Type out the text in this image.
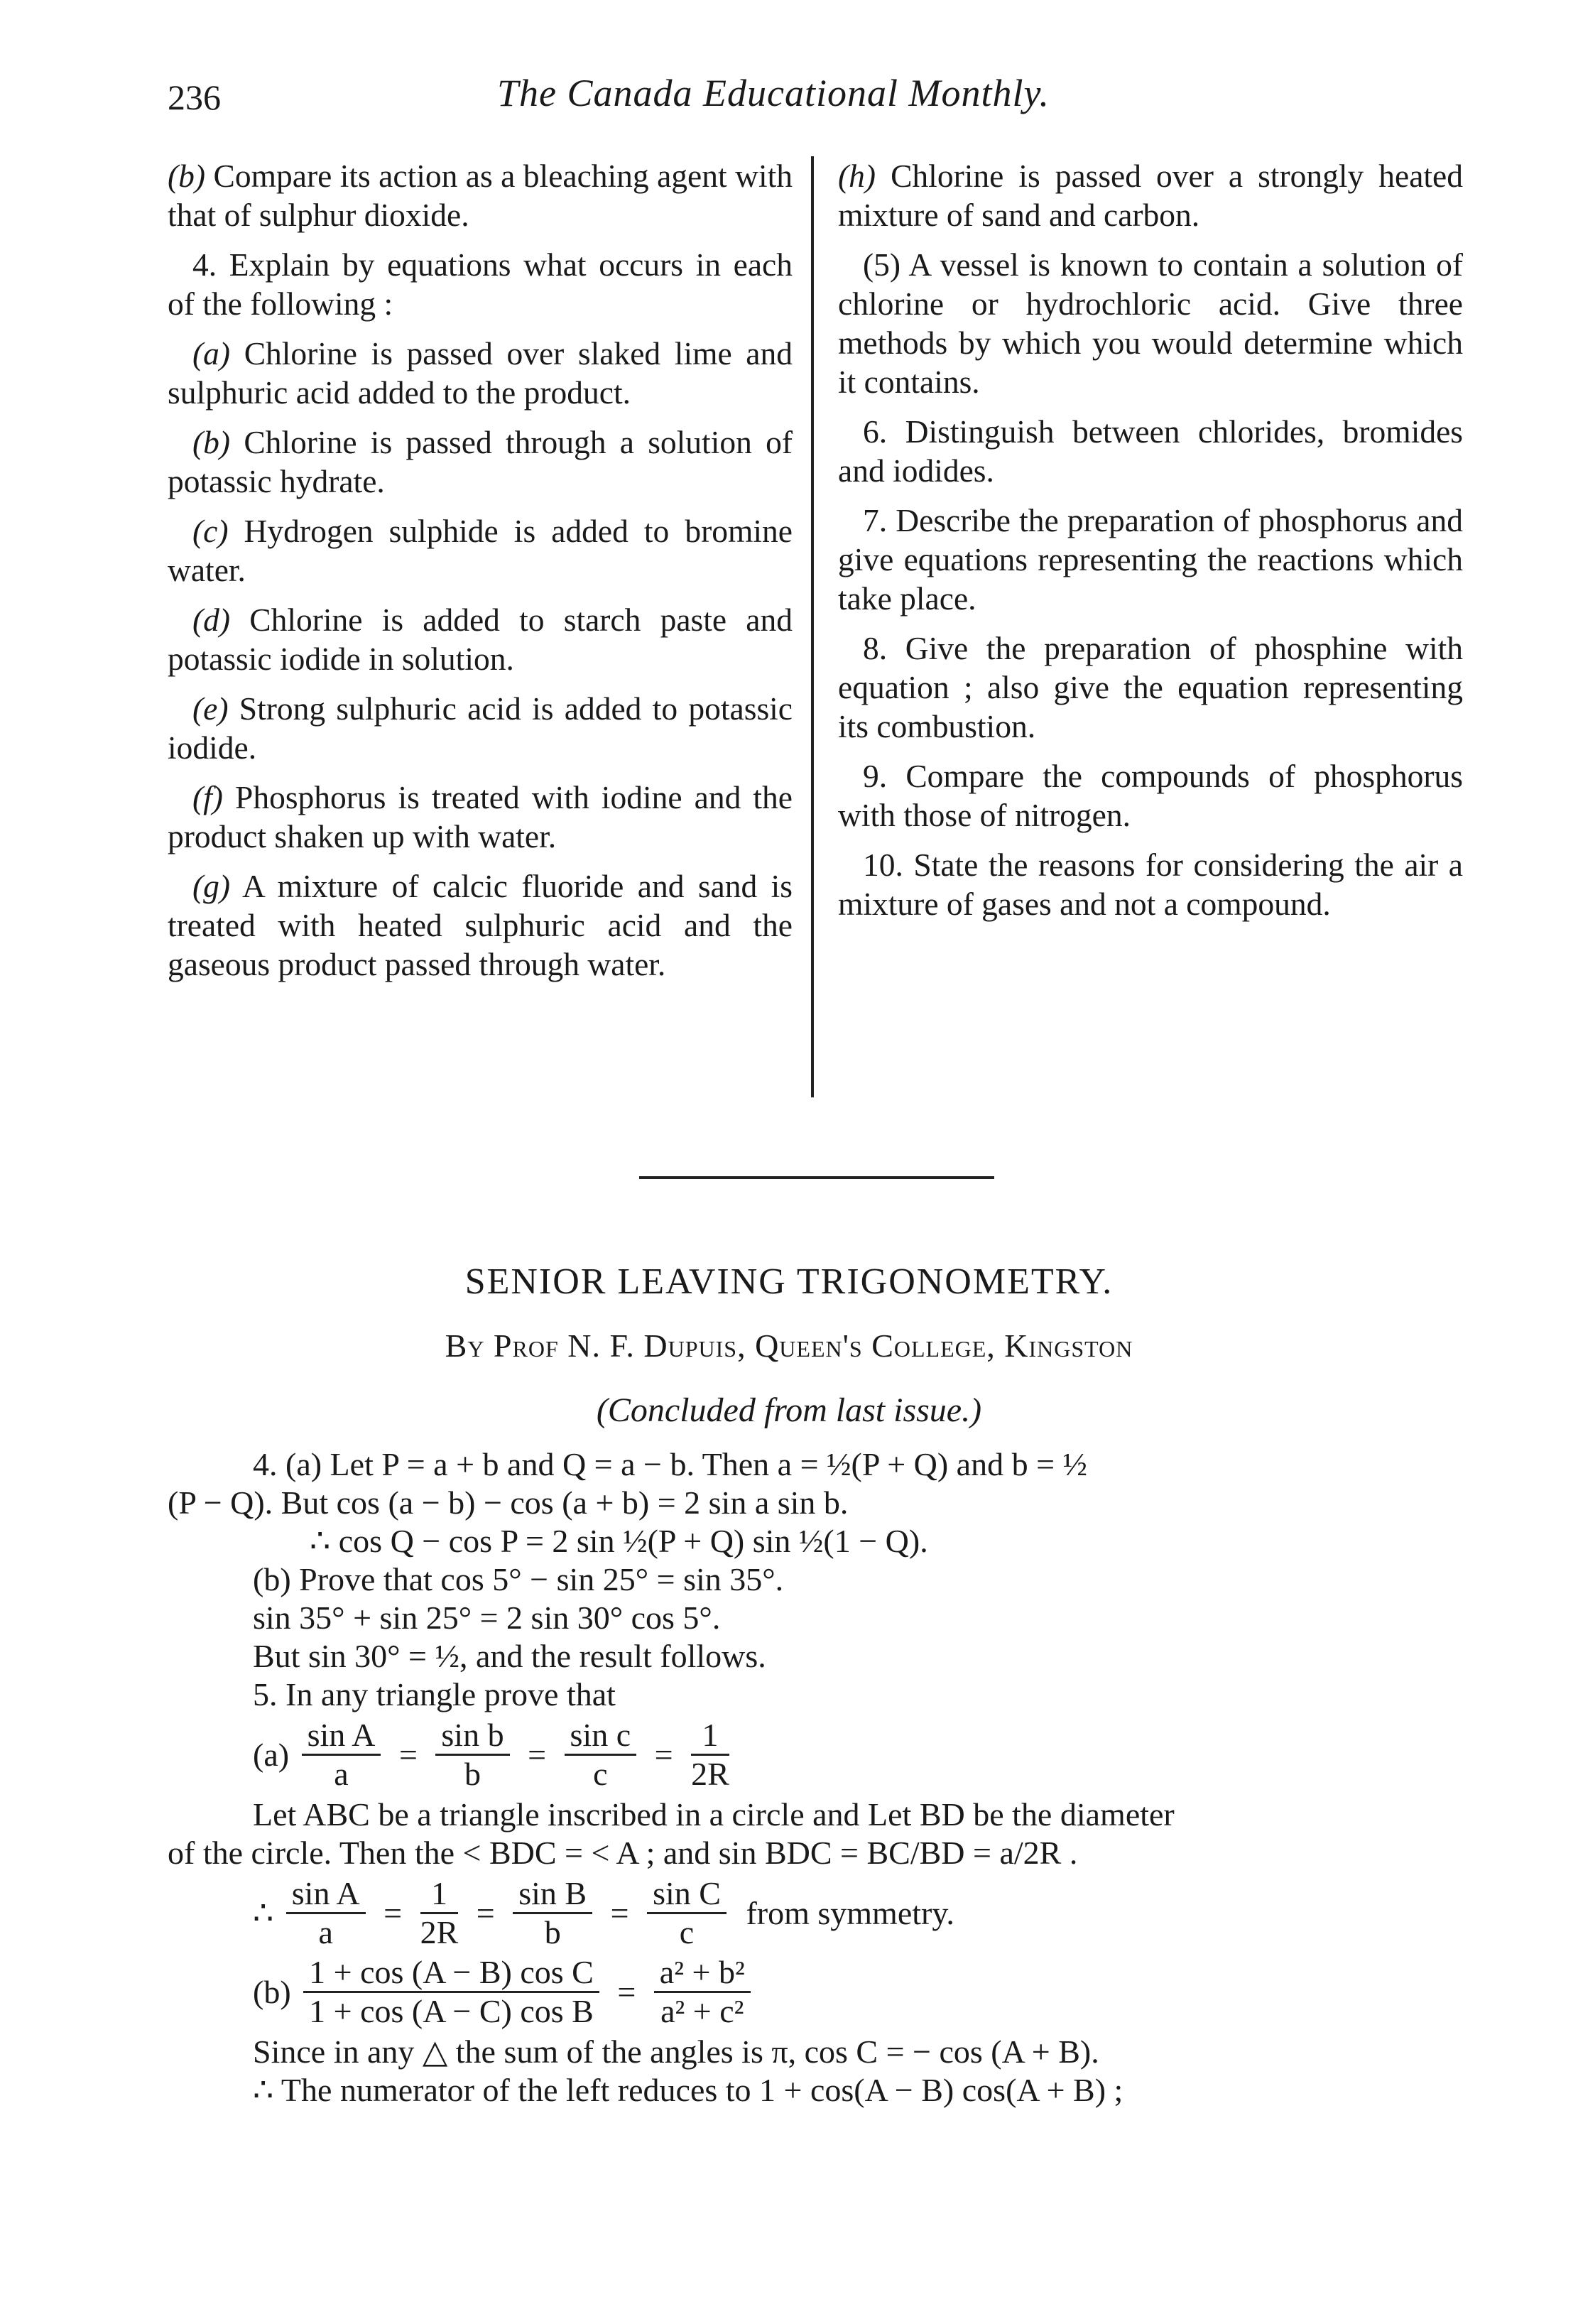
236	The Canada Educational Monthly.

(b) Compare its action as a bleaching agent with that of sulphur dioxide.

4. Explain by equations what occurs in each of the following :

(a) Chlorine is passed over slaked lime and sulphuric acid added to the product.

(b) Chlorine is passed through a solution of potassic hydrate.

(c) Hydrogen sulphide is added to bromine water.

(d) Chlorine is added to starch paste and potassic iodide in solution.

(e) Strong sulphuric acid is added to potassic iodide.

(f) Phosphorus is treated with iodine and the product shaken up with water.

(g) A mixture of calcic fluoride and sand is treated with heated sulphuric acid and the gaseous product passed through water.

(h) Chlorine is passed over a strongly heated mixture of sand and carbon.

(5) A vessel is known to contain a solution of chlorine or hydrochloric acid. Give three methods by which you would determine which it contains.

6. Distinguish between chlorides, bromides and iodides.

7. Describe the preparation of phosphorus and give equations representing the reactions which take place.

8. Give the preparation of phosphine with equation ; also give the equation representing its combustion.

9. Compare the compounds of phosphorus with those of nitrogen.

10. State the reasons for considering the air a mixture of gases and not a compound.

SENIOR LEAVING TRIGONOMETRY.
By Prof N. F. Dupuis, Queen's College, Kingston
(Concluded from last issue.)
4. (a) Let P = a + b and Q = a − b. Then a = ½(P + Q) and b = ½
(P − Q). But cos (a − b) − cos (a + b) = 2 sin a sin b.
∴ cos Q − cos P = 2 sin ½(P + Q) sin ½(1 − Q).
(b) Prove that cos 5° − sin 25° = sin 35°.
sin 35° + sin 25° = 2 sin 30° cos 5°.
But sin 30° = ½, and the result follows.
5. In any triangle prove that
$(a) \frac{\text{sin A}}{a} = \frac{\text{sin b}}{b} = \frac{\text{sin c}}{c} = \frac{1}{2R}$
Let ABC be a triangle inscribed in a circle and Let BD be the diameter
of the circle. Then the < BDC = < A ; and sin BDC = BC/BD = a/2R .
∴ $\frac{\text{sin A}}{a} = \frac{1}{2R} = \frac{\text{sin B}}{b} = \frac{\text{sin C}}{c}$ from symmetry.
$(b) \frac{\text{1 + cos (A − B) cos C}}{\text{1 + cos (A − C) cos B}} = \frac{\text{a² + b²}}{\text{a² + c²}}$
Since in any △ the sum of the angles is π, cos C = − cos (A + B).
∴ The numerator of the left reduces to 1 + cos(A − B) cos(A + B) ;
